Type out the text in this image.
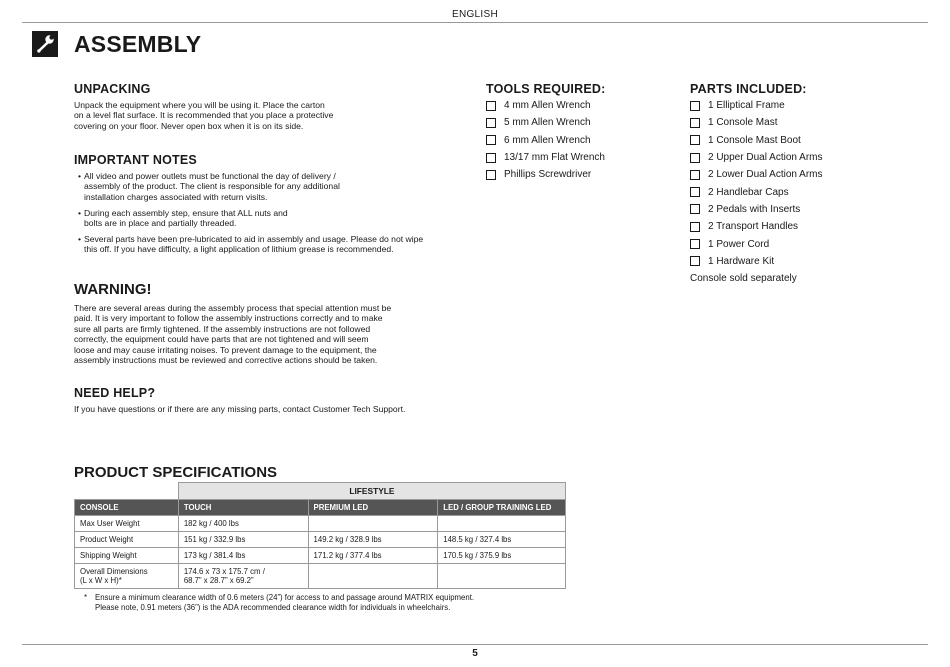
ENGLISH
ASSEMBLY
UNPACKING

Unpack the equipment where you will be using it. Place the carton
on a level flat surface. It is recommended that you place a protective
covering on your floor. Never open box when it is on its side.

IMPORTANT NOTES
• All video and power outlets must be functional the day of delivery /
assembly of the product. The client is responsible for any additional
installation charges associated with return visits.
• During each assembly step, ensure that ALL nuts and
bolts are in place and partially threaded.
• Several parts have been pre-lubricated to aid in assembly and usage. Please do not wipe
this off. If you have difficulty, a light application of lithium grease is recommended.
WARNING!

There are several areas during the assembly process that special attention must be
paid. It is very important to follow the assembly instructions correctly and to make
sure all parts are firmly tightened. If the assembly instructions are not followed
correctly, the equipment could have parts that are not tightened and will seem
loose and may cause irritating noises. To prevent damage to the equipment, the
assembly instructions must be reviewed and corrective actions should be taken.

NEED HELP?

If you have questions or if there are any missing parts, contact Customer Tech Support.

TOOLS REQUIRED:
4 mm Allen Wrench
5 mm Allen Wrench
6 mm Allen Wrench
13/17 mm Flat Wrench
Phillips Screwdriver
PARTS INCLUDED:
1 Elliptical Frame
1 Console Mast
1 Console Mast Boot
2 Upper Dual Action Arms
2 Lower Dual Action Arms
2 Handlebar Caps
2 Pedals with Inserts
2 Transport Handles
1 Power Cord
1 Hardware Kit
Console sold separately
PRODUCT SPECIFICATIONS
	LIFESTYLE		
CONSOLE	TOUCH	PREMIUM LED	LED / GROUP TRAINING LED
Max User Weight	182 kg / 400 lbs		
Product Weight	151 kg / 332.9 lbs	149.2 kg / 328.9 lbs	148.5 kg / 327.4 lbs
Shipping Weight	173 kg / 381.4 lbs	171.2 kg / 377.4 lbs	170.5 kg / 375.9 lbs
Overall Dimensions
(L x W x H)*	174.6 x 73 x 175.7 cm /
68.7” x 28.7” x 69.2”		
* Ensure a minimum clearance width of 0.6 meters (24”) for access to and passage around MATRIX equipment.
Please note, 0.91 meters (36”) is the ADA recommended clearance width for individuals in wheelchairs.
5
